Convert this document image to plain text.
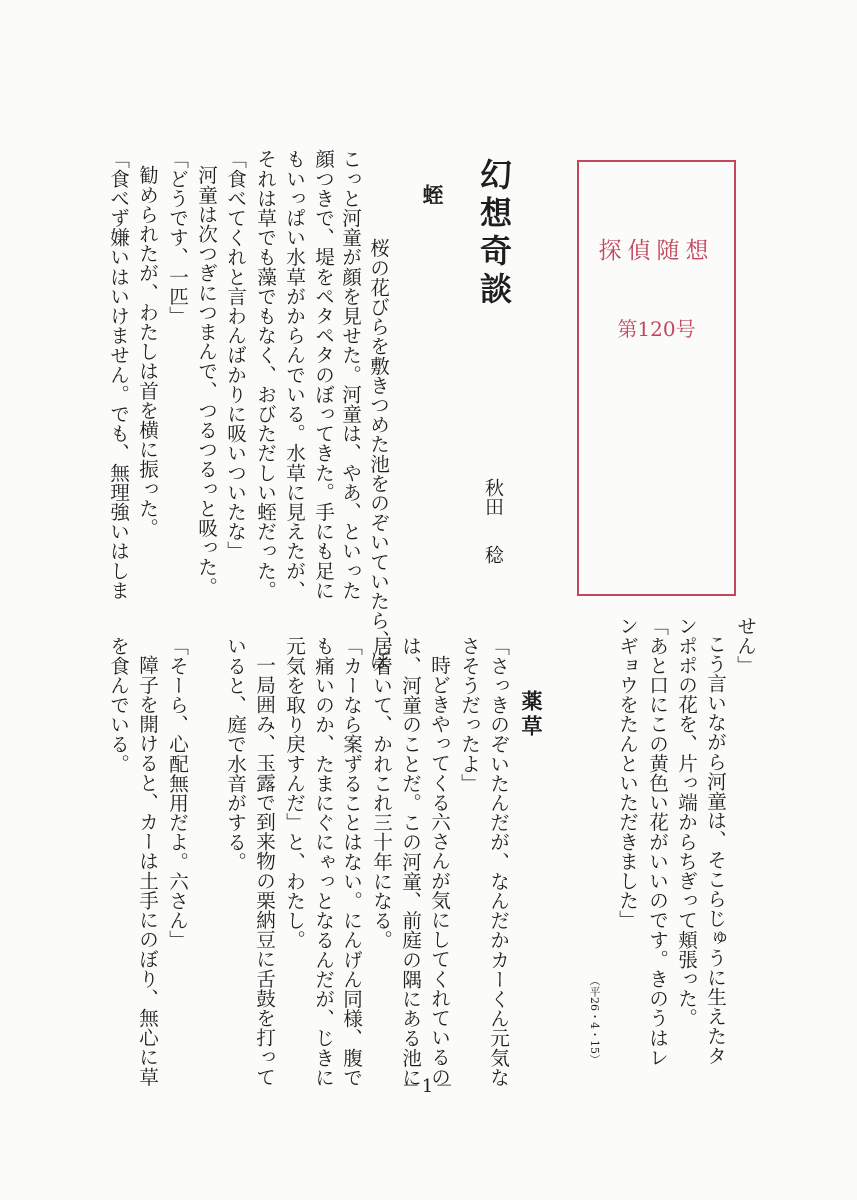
探偵随想
第120号
幻想奇談
秋田
稔
蛭
桜の花びらを敷きつめた池をのぞいていたら、ぼ
こっと河童が顔を見せた。河童は、やあ、といった
顔つきで、堤をペタペタのぼってきた。手にも足に
もいっぱい水草がからんでいる。水草に見えたが、
それは草でも藻でもなく、おびただしい蛭だった。
「食べてくれと言わんばかりに吸いついたな」
河童は次つぎにつまんで、つるつるっと吸った。
「どうです、一匹」
勧められたが、わたしは首を横に振った。
「食べず嫌いはいけません。でも、無理強いはしま
せん」
こう言いながら河童は、そこらじゅうに生えたタ
ンポポの花を、片っ端からちぎって頬張った。
「あと口にこの黄色い花がいいのです。きのうはレ
ンギョウをたんといただきました」
（平26・4・15）
薬草
「さっきのぞいたんだが、なんだかカーくん元気な
さそうだったよ」
時どきやってくる六さんが気にしてくれているの
は、河童のことだ。この河童、前庭の隅にある池に
居着いて、かれこれ三十年になる。
「カーなら案ずることはない。にんげん同様、腹で
も痛いのか、たまにぐにゃっとなるんだが、じきに
元気を取り戻すんだ」と、わたし。
一局囲み、玉露で到来物の栗納豆に舌鼓を打って
いると、庭で水音がする。
「そーら、心配無用だよ。六さん」
障子を開けると、カーは土手にのぼり、無心に草
を食んでいる。
－1－
